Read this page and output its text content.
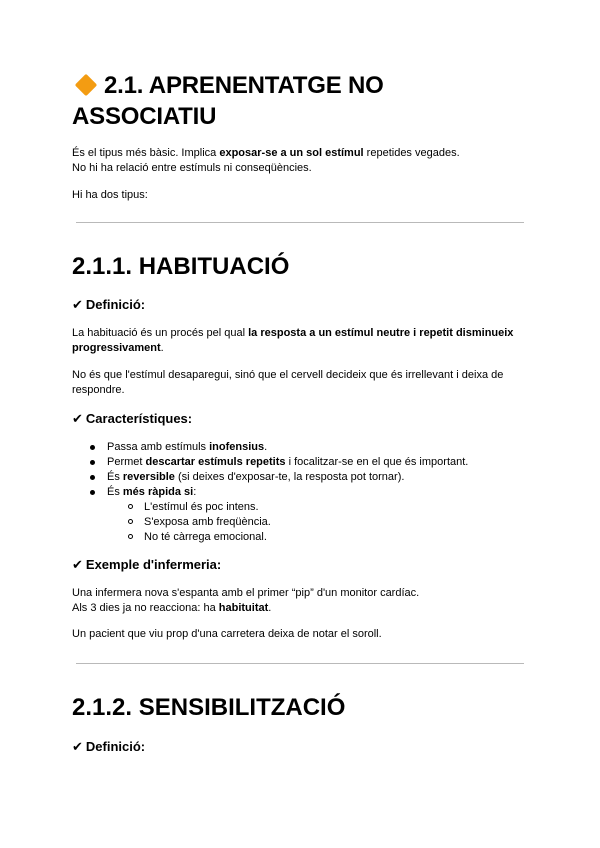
2.1. APRENENTATGE NO
ASSOCIATIU

És el tipus més bàsic. Implica exposar-se a un sol estímul repetides vegades.
No hi ha relació entre estímuls ni conseqüències.

Hi ha dos tipus:

2.1.1. HABITUACIÓ
✔ Definició:

La habituació és un procés pel qual la resposta a un estímul neutre i repetit disminueix
progressivament.

No és que l'estímul desaparegui, sinó que el cervell decideix que és irrellevant i deixa de
respondre.

✔ Característiques:
Passa amb estímuls inofensius.
Permet descartar estímuls repetits i focalitzar-se en el que és important.
És reversible (si deixes d'exposar-te, la resposta pot tornar).
És més ràpida si:
L'estímul és poc intens.
S'exposa amb freqüència.
No té càrrega emocional.
✔ Exemple d'infermeria:

Una infermera nova s'espanta amb el primer “pip” d'un monitor cardíac.
Als 3 dies ja no reacciona: ha habituitat.

Un pacient que viu prop d'una carretera deixa de notar el soroll.

2.1.2. SENSIBILITZACIÓ
✔ Definició:
